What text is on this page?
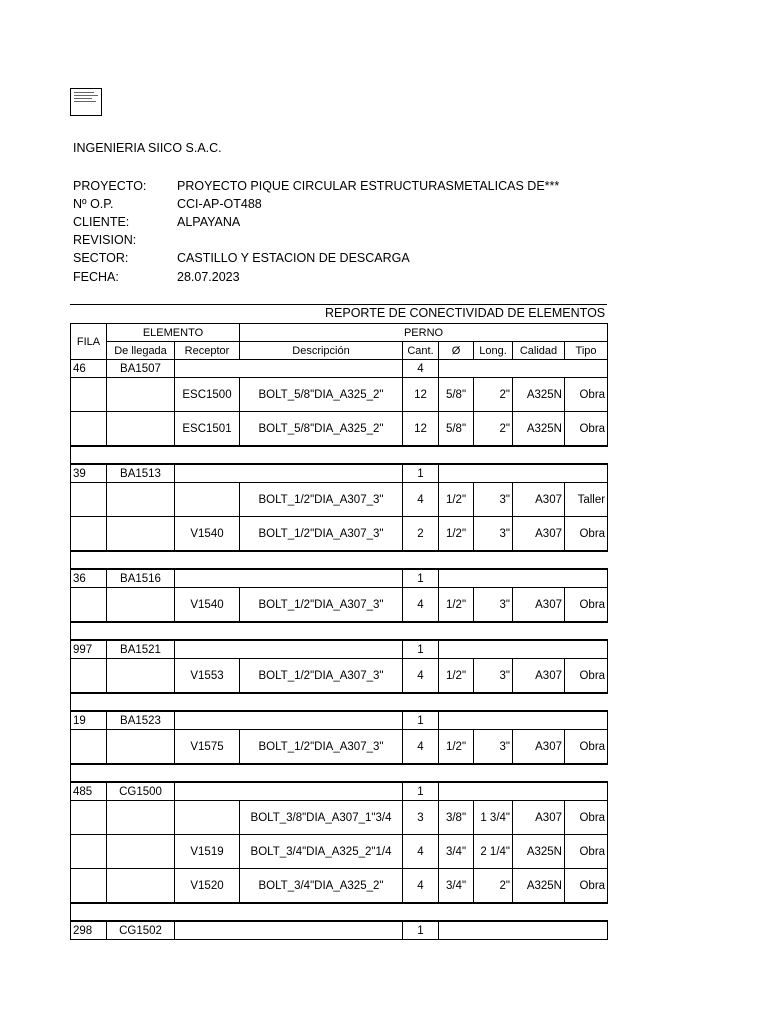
INGENIERIA SIICO S.A.C.
PROYECTO: PROYECTO PIQUE CIRCULAR ESTRUCTURASMETALICAS DE***
Nº O.P.	CCI-AP-OT488
CLIENTE:	ALPAYANA
REVISION:
SECTOR:	CASTILLO Y ESTACION DE DESCARGA
FECHA:	28.07.2023
REPORTE DE CONECTIVIDAD DE ELEMENTOS
FILA	ELEMENTO		PERNO					
	De llegada	Receptor	Descripción	Cant.	Ø	Long.	Calidad	Tipo
46	BA1507			4				
		ESC1500	BOLT_5/8"DIA_A325_2"	12	5/8"	2"	A325N	Obra
		ESC1501	BOLT_5/8"DIA_A325_2"	12	5/8"	2"	A325N	Obra

39	BA1513			1				
			BOLT_1/2"DIA_A307_3"	4	1/2"	3"	A307	Taller
		V1540	BOLT_1/2"DIA_A307_3"	2	1/2"	3"	A307	Obra

36	BA1516			1				
		V1540	BOLT_1/2"DIA_A307_3"	4	1/2"	3"	A307	Obra

997	BA1521			1				
		V1553	BOLT_1/2"DIA_A307_3"	4	1/2"	3"	A307	Obra

19	BA1523			1				
		V1575	BOLT_1/2"DIA_A307_3"	4	1/2"	3"	A307	Obra

485	CG1500			1				
			BOLT_3/8"DIA_A307_1"3/4	3	3/8"	1 3/4"	A307	Obra
		V1519	BOLT_3/4"DIA_A325_2"1/4	4	3/4"	2 1/4"	A325N	Obra
		V1520	BOLT_3/4"DIA_A325_2"	4	3/4"	2"	A325N	Obra

298	CG1502			1				
